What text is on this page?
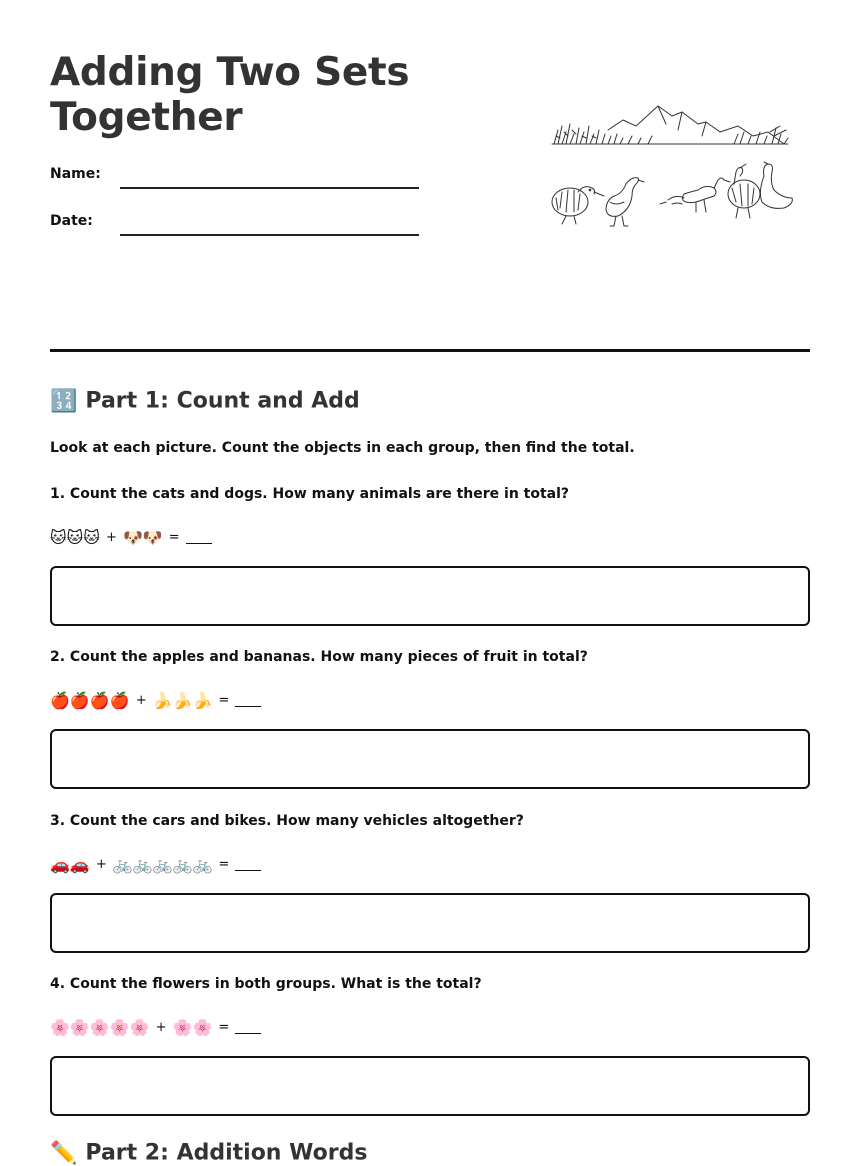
Adding Two Sets Together
Name:
Date:
🔢 Part 1: Count and Add
Look at each picture. Count the objects in each group, then find the total.
1. Count the cats and dogs. How many animals are there in total?
🐱🐱🐱 + 🐶🐶 =
2. Count the apples and bananas. How many pieces of fruit in total?
🍎🍎🍎🍎 + 🍌🍌🍌 =
3. Count the cars and bikes. How many vehicles altogether?
🚗🚗 + 🚲🚲🚲🚲🚲 =
4. Count the flowers in both groups. What is the total?
🌸🌸🌸🌸🌸 + 🌸🌸 =
✏️ Part 2: Addition Words
